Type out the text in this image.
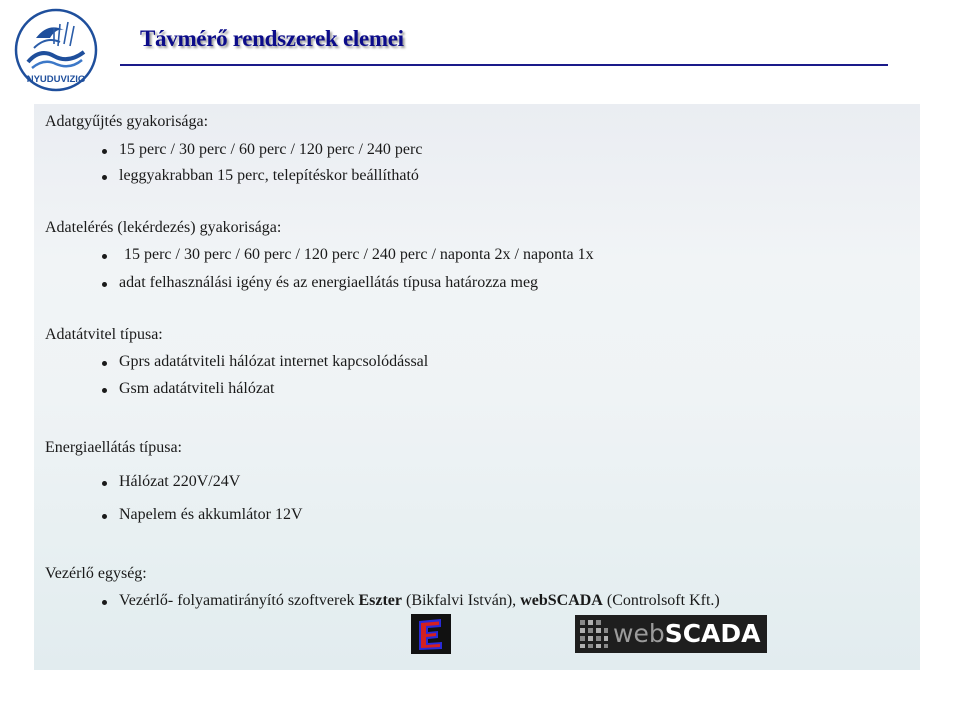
NYUDUVIZIG
Távmérő rendszerek elemei
Adatgyűjtés gyakorisága:
15 perc / 30 perc / 60 perc / 120 perc / 240 perc
leggyakrabban 15 perc, telepítéskor beállítható
Adatelérés (lekérdezés) gyakorisága:
15 perc / 30 perc / 60 perc / 120 perc / 240 perc / naponta 2x / naponta 1x
adat felhasználási igény és az energiaellátás típusa határozza meg
Adatátvitel típusa:
Gprs adatátviteli hálózat internet kapcsolódással
Gsm adatátviteli hálózat
Energiaellátás típusa:
Hálózat 220V/24V
Napelem és akkumlátor 12V
Vezérlő egység:
Vezérlő- folyamatirányító szoftverek Eszter (Bikfalvi István), webSCADA (Controlsoft Kft.)
webSCADA
